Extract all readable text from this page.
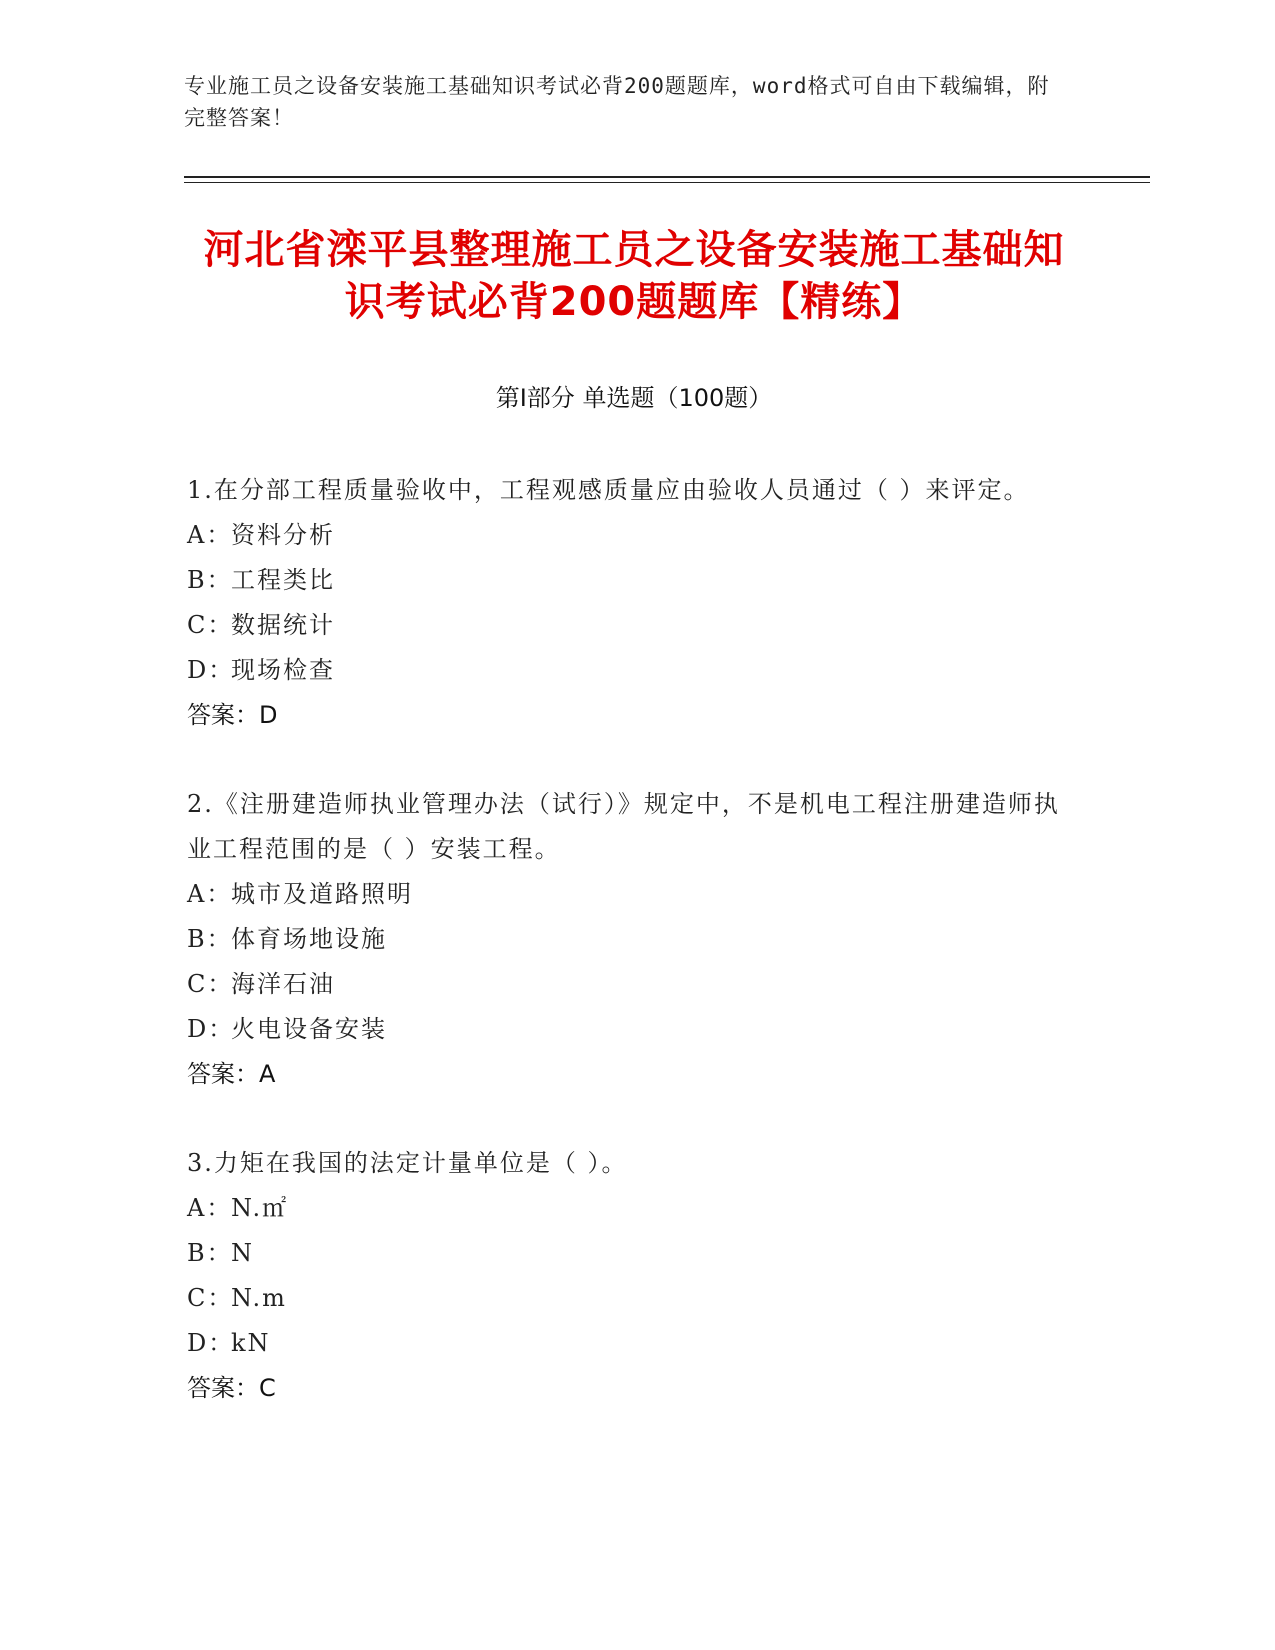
专业施工员之设备安装施工基础知识考试必背200题题库，word格式可自由下载编辑，附完整答案！
河北省滦平县整理施工员之设备安装施工基础知识考试必背200题题库【精练】
第Ⅰ部分 单选题（100题）
1.在分部工程质量验收中，工程观感质量应由验收人员通过（ ）来评定。
A：
资料分析
B：
工程类比
C：
数据统计
D：
现场检查
答案：D
2.《注册建造师执业管理办法（试行）》规定中，不是机电工程注册建造师执业工程范围的是（ ）安装工程。
A：
城市及道路照明
B：
体育场地设施
C：
海洋石油
D：
火电设备安装
答案：A
3.力矩在我国的法定计量单位是（ ）。
A：
N.㎡
B：
N
C：
N.m
D：
kN
答案：C
